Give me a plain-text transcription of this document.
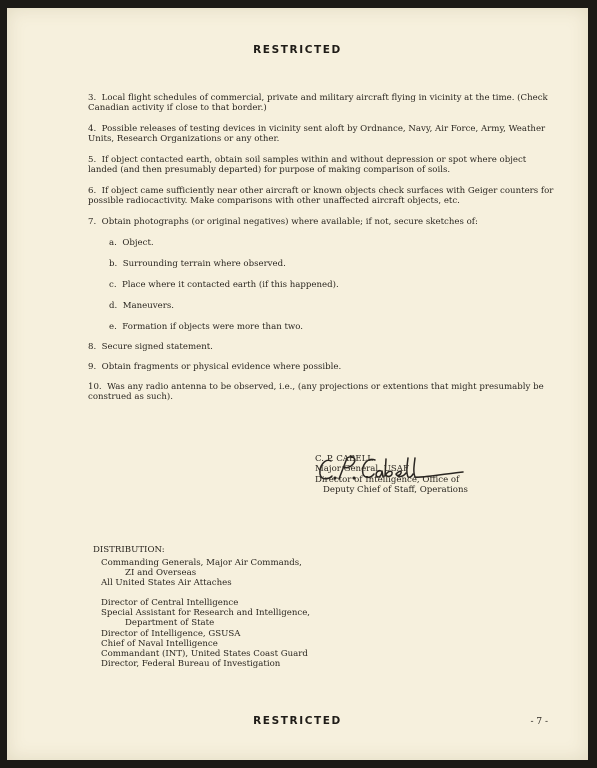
RESTRICTED

3. Local flight schedules of commercial, private and military aircraft flying in vicinity at the time. (Check Canadian activity if close to that border.)

4. Possible releases of testing devices in vicinity sent aloft by Ordnance, Navy, Air Force, Army, Weather Units, Research Organizations or any other.

5. If object contacted earth, obtain soil samples within and without depression or spot where object landed (and then presumably departed) for purpose of making comparison of soils.

6. If object came sufficiently near other aircraft or known objects check surfaces with Geiger counters for possible radiocactivity. Make comparisons with other unaffected aircraft objects, etc.

7. Obtain photographs (or original negatives) where available; if not, secure sketches of:

a. Object.

b. Surrounding terrain where observed.

c. Place where it contacted earth (if this happened).

d. Maneuvers.

e. Formation if objects were more than two.

8. Secure signed statement.

9. Obtain fragments or physical evidence where possible.

10. Was any radio antenna to be observed, i.e., (any projections or extentions that might presumably be construed as such).

C. P. CABELL
Major General, USAF
Director of Intelligence, Office of
Deputy Chief of Staff, Operations
DISTRIBUTION:
Commanding Generals, Major Air Commands,
ZI and Overseas
All United States Air Attaches
Director of Central Intelligence
Special Assistant for Research and Intelligence,
Department of State
Director of Intelligence, GSUSA
Chief of Naval Intelligence
Commandant (INT), United States Coast Guard
Director, Federal Bureau of Investigation
RESTRICTED	- 7 -
